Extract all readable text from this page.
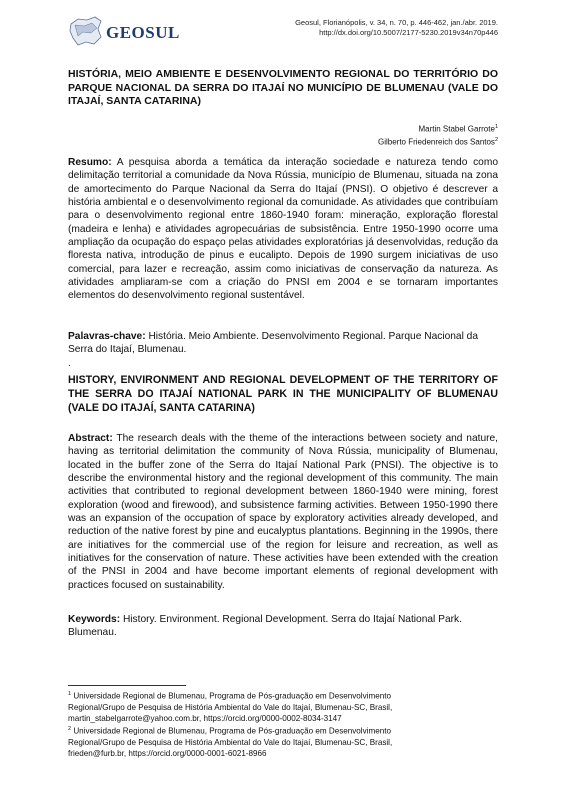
GEOSUL
Geosul, Florianópolis, v. 34, n. 70, p. 446-462, jan./abr. 2019.
http://dx.doi.org/10.5007/2177-5230.2019v34n70p446
HISTÓRIA, MEIO AMBIENTE E DESENVOLVIMENTO REGIONAL DO TERRITÓRIO DO PARQUE NACIONAL DA SERRA DO ITAJAÍ NO MUNICÍPIO DE BLUMENAU (VALE DO ITAJAÍ, SANTA CATARINA)
Martin Stabel Garrote$^1$
Gilberto Friedenreich dos Santos$^2$
Resumo: A pesquisa aborda a temática da interação sociedade e natureza tendo como delimitação territorial a comunidade da Nova Rússia, município de Blumenau, situada na zona de amortecimento do Parque Nacional da Serra do Itajaí (PNSI). O objetivo é descrever a história ambiental e o desenvolvimento regional da comunidade. As atividades que contribuíam para o desenvolvimento regional entre 1860-1940 foram: mineração, exploração florestal (madeira e lenha) e atividades agropecuárias de subsistência. Entre 1950-1990 ocorre uma ampliação da ocupação do espaço pelas atividades exploratórias já desenvolvidas, redução da floresta nativa, introdução de pinus e eucalipto. Depois de 1990 surgem iniciativas de uso comercial, para lazer e recreação, assim como iniciativas de conservação da natureza. As atividades ampliaram-se com a criação do PNSI em 2004 e se tornaram importantes elementos do desenvolvimento regional sustentável.
Palavras-chave: História. Meio Ambiente. Desenvolvimento Regional. Parque Nacional da Serra do Itajaí, Blumenau.
.
HISTORY, ENVIRONMENT AND REGIONAL DEVELOPMENT OF THE TERRITORY OF THE SERRA DO ITAJAÍ NATIONAL PARK IN THE MUNICIPALITY OF BLUMENAU (VALE DO ITAJAÍ, SANTA CATARINA)
Abstract: The research deals with the theme of the interactions between society and nature, having as territorial delimitation the community of Nova Rússia, municipality of Blumenau, located in the buffer zone of the Serra do Itajaí National Park (PNSI). The objective is to describe the environmental history and the regional development of this community. The main activities that contributed to regional development between 1860-1940 were mining, forest exploration (wood and firewood), and subsistence farming activities. Between 1950-1990 there was an expansion of the occupation of space by exploratory activities already developed, and reduction of the native forest by pine and eucalyptus plantations. Beginning in the 1990s, there are initiatives for the commercial use of the region for leisure and recreation, as well as initiatives for the conservation of nature. These activities have been extended with the creation of the PNSI in 2004 and have become important elements of regional development with practices focused on sustainability.
Keywords: History. Environment. Regional Development. Serra do Itajaí National Park. Blumenau.
$^1$ Universidade Regional de Blumenau, Programa de Pós-graduação em Desenvolvimento
Regional/Grupo de Pesquisa de História Ambiental do Vale do Itajaí, Blumenau-SC, Brasil,
martin_stabelgarrote@yahoo.com.br, https://orcid.org/0000-0002-8034-3147
$^2$ Universidade Regional de Blumenau, Programa de Pós-graduação em Desenvolvimento
Regional/Grupo de Pesquisa de História Ambiental do Vale do Itajaí, Blumenau-SC, Brasil,
frieden@furb.br, https://orcid.org/0000-0001-6021-8966
